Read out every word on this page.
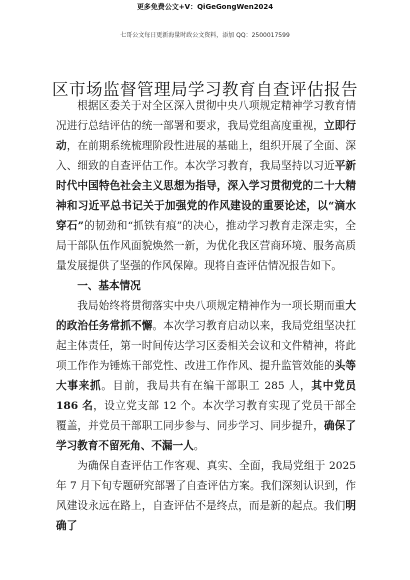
更多免费公文+V：QiGeGongWen2024
七哥公文每日更新海量时政公文资料，添加 QQ：2500017599
区市场监督管理局学习教育自查评估报告

根据区委关于对全区深入贯彻中央八项规定精神学习教育情况进行总结评估的统一部署和要求，我局党组高度重视，立即行动，在前期系统梳理阶段性进展的基础上，组织开展了全面、深入、细致的自查评估工作。本次学习教育，我局坚持以习近平新时代中国特色社会主义思想为指导，深入学习贯彻党的二十大精神和习近平总书记关于加强党的作风建设的重要论述，以“滴水穿石”的韧劲和“抓铁有痕”的决心，推动学习教育走深走实，全局干部队伍作风面貌焕然一新，为优化我区营商环境、服务高质量发展提供了坚强的作风保障。现将自查评估情况报告如下。

一、基本情况

我局始终将贯彻落实中央八项规定精神作为一项长期而重大的政治任务常抓不懈。本次学习教育启动以来，我局党组坚决扛起主体责任，第一时间传达学习区委相关会议和文件精神，将此项工作作为锤炼干部党性、改进工作作风、提升监管效能的头等大事来抓。目前，我局共有在编干部职工 285 人，其中党员 186 名，设立党支部 12 个。本次学习教育实现了党员干部全覆盖，并党员干部职工同步参与、同步学习、同步提升，确保了学习教育不留死角、不漏一人。

为确保自查评估工作客观、真实、全面，我局党组于 2025 年 7 月下旬专题研究部署了自查评估方案。我们深刻认识到，作风建设永远在路上，自查评估不是终点，而是新的起点。我们明确了
